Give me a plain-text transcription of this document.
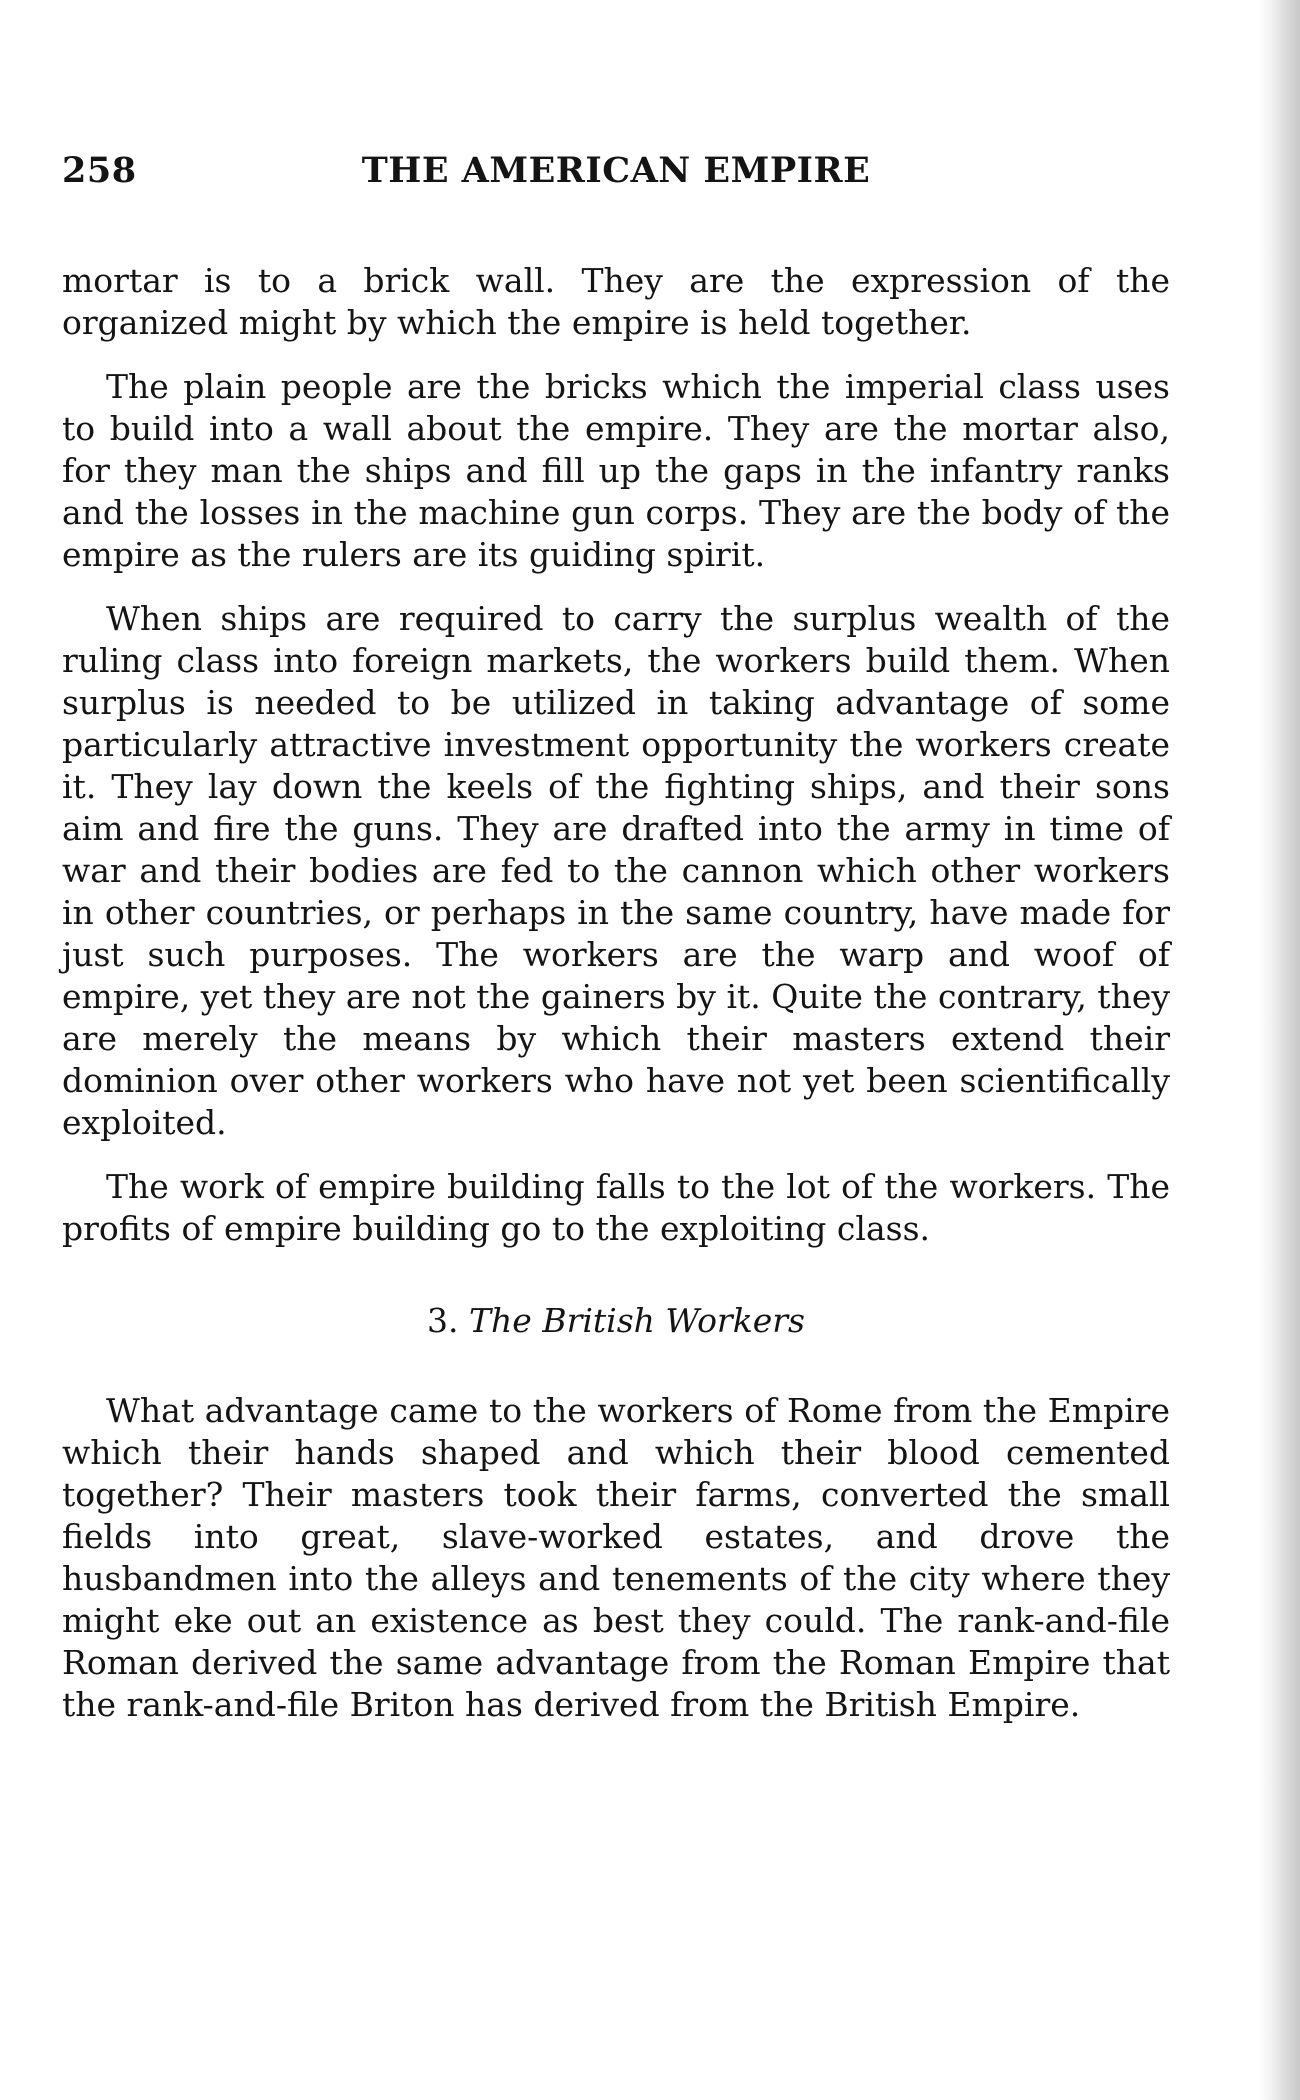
258	THE AMERICAN EMPIRE

mortar is to a brick wall. They are the expression of the organized might by which the empire is held together.

The plain people are the bricks which the imperial class uses to build into a wall about the empire. They are the mortar also, for they man the ships and fill up the gaps in the infantry ranks and the losses in the machine gun corps. They are the body of the empire as the rulers are its guiding spirit.

When ships are required to carry the surplus wealth of the ruling class into foreign markets, the workers build them. When surplus is needed to be utilized in taking advantage of some particularly attractive investment opportunity the workers create it. They lay down the keels of the fighting ships, and their sons aim and fire the guns. They are drafted into the army in time of war and their bodies are fed to the cannon which other workers in other countries, or perhaps in the same country, have made for just such purposes. The workers are the warp and woof of empire, yet they are not the gainers by it. Quite the contrary, they are merely the means by which their masters extend their dominion over other workers who have not yet been scientifically exploited.

The work of empire building falls to the lot of the workers. The profits of empire building go to the exploiting class.

3. The British Workers

What advantage came to the workers of Rome from the Empire which their hands shaped and which their blood cemented together? Their masters took their farms, converted the small fields into great, slave-worked estates, and drove the husbandmen into the alleys and tenements of the city where they might eke out an existence as best they could. The rank-and-file Roman derived the same advantage from the Roman Empire that the rank-and-file Briton has derived from the British Empire.
